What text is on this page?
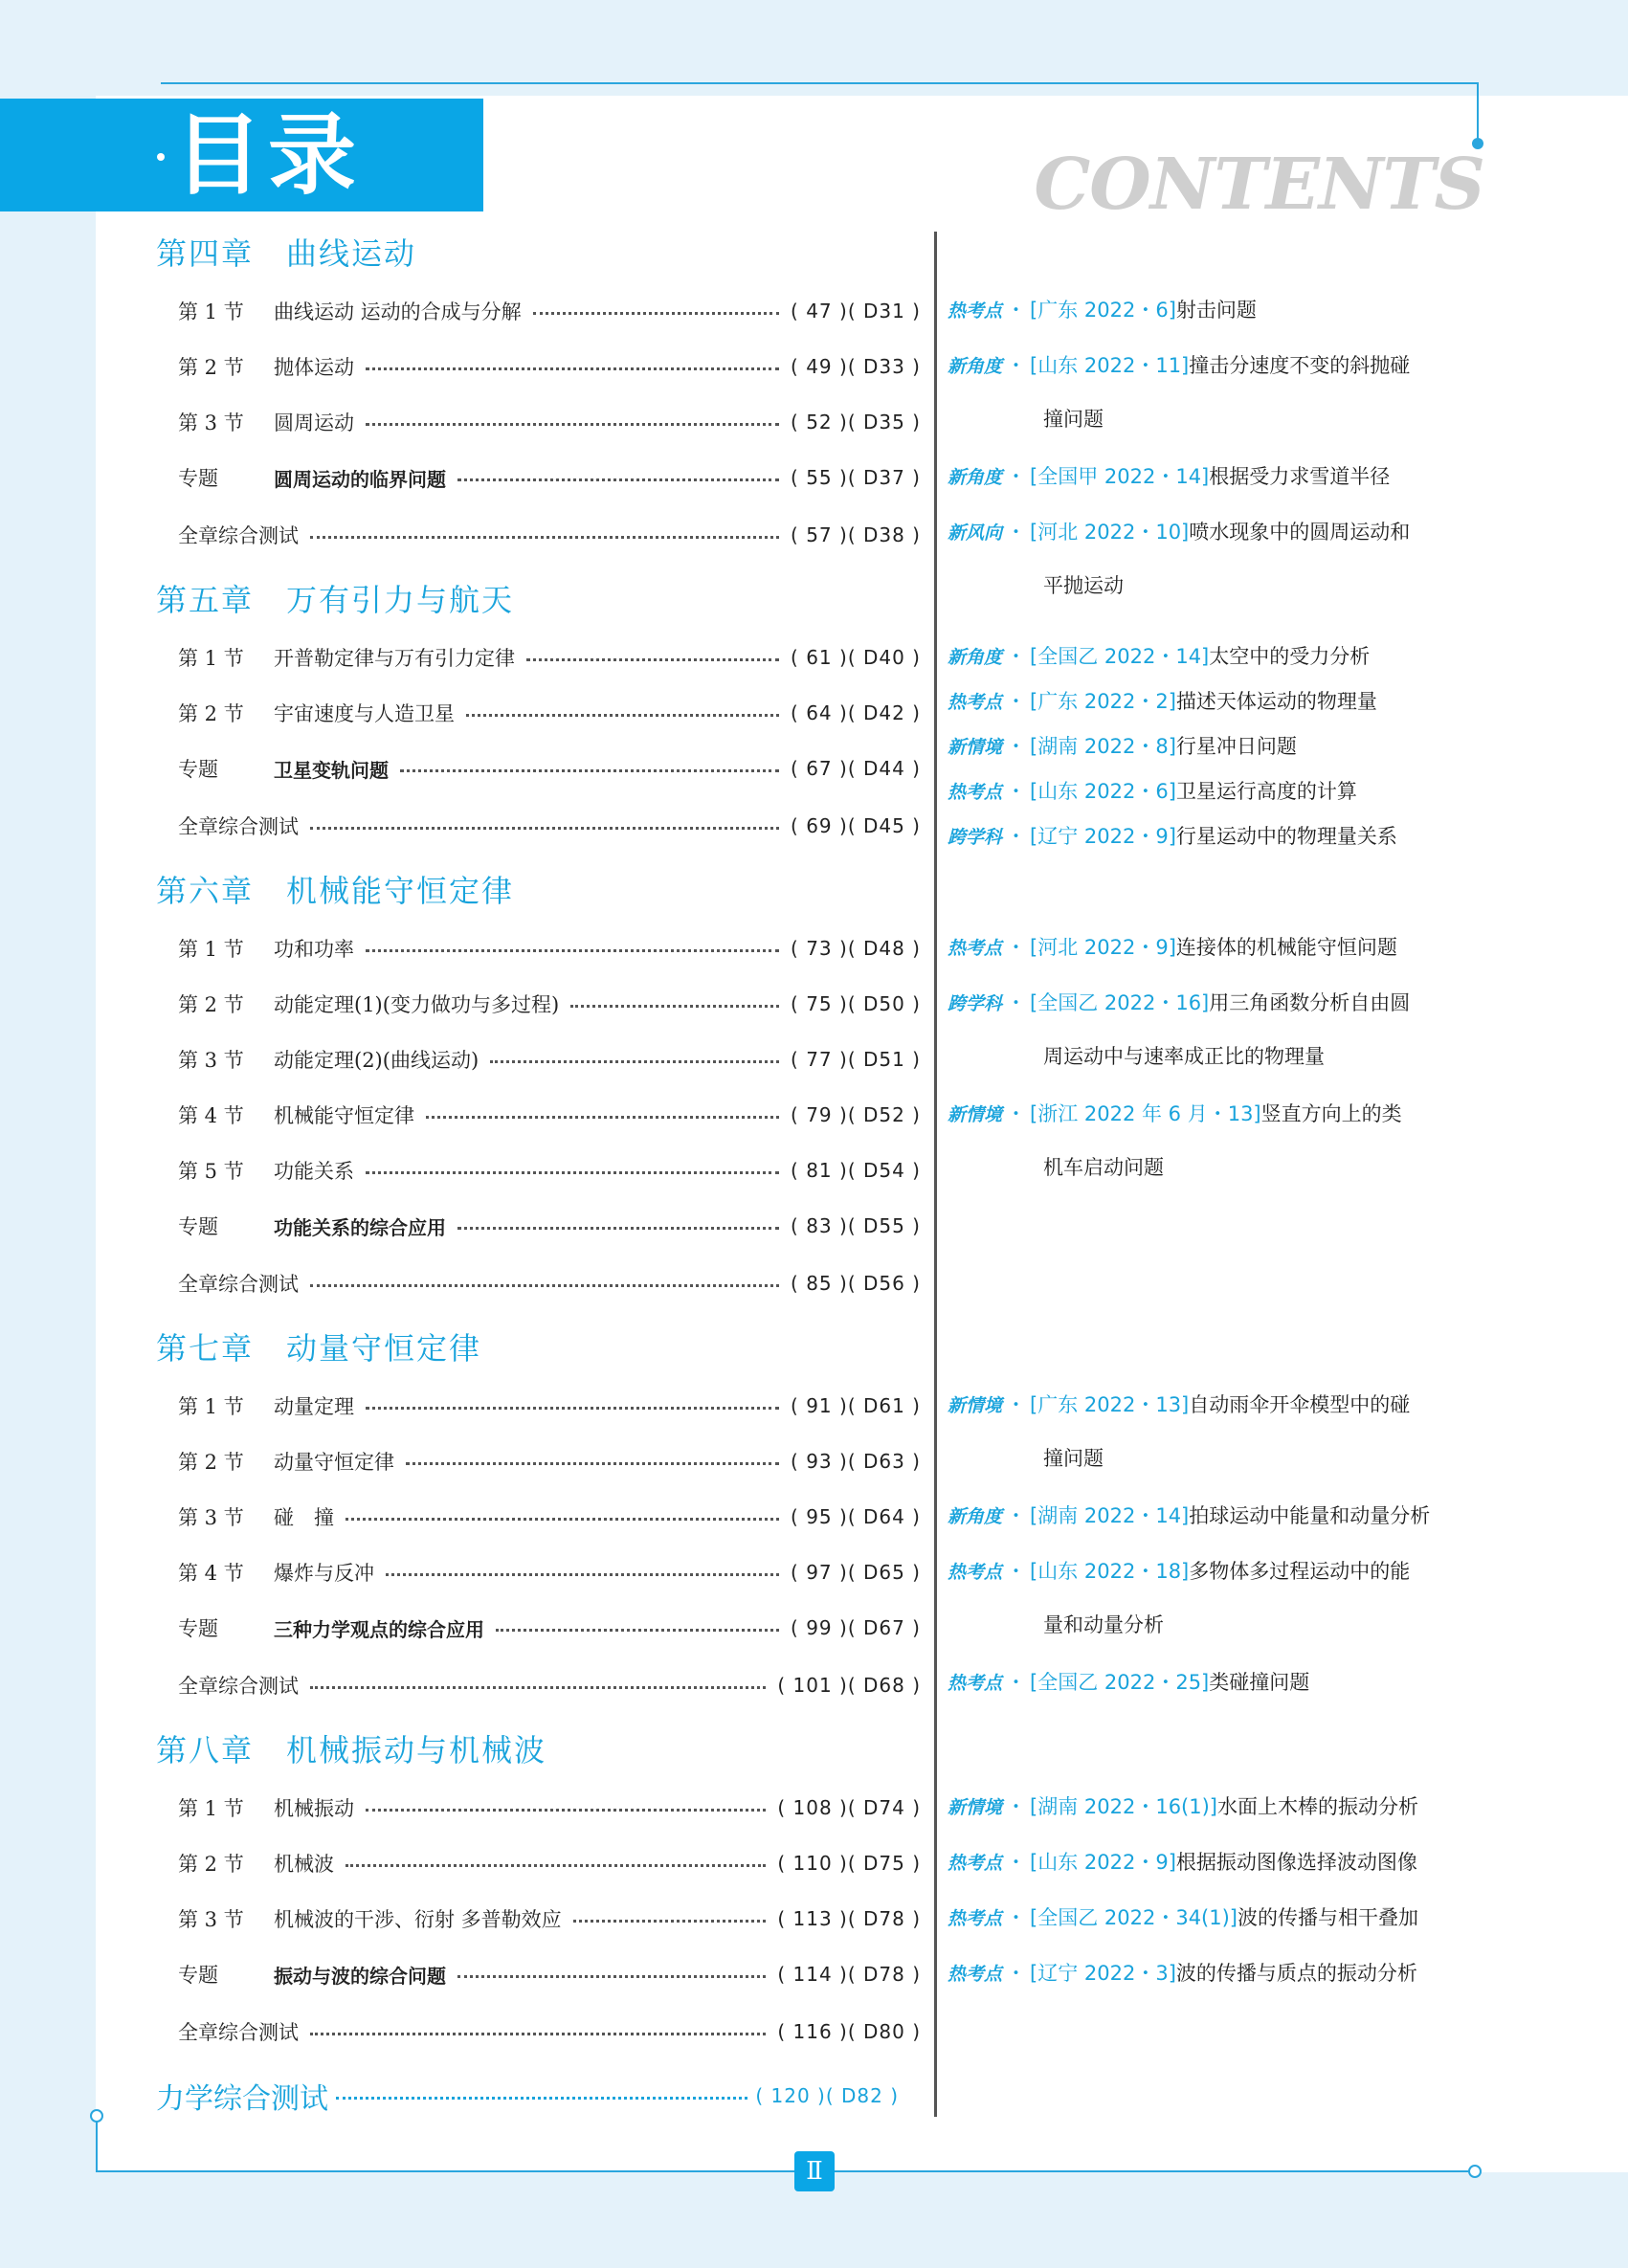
目录	CONTENTS
第四章 曲线运动
第 1 节	曲线运动 运动的合成与分解	( 47 )( D31 )
第 2 节	抛体运动	( 49 )( D33 )
第 3 节	圆周运动	( 52 )( D35 )
专题	圆周运动的临界问题	( 55 )( D37 )
全章综合测试	( 57 )( D38 )
第五章 万有引力与航天
第 1 节	开普勒定律与万有引力定律	( 61 )( D40 )
第 2 节	宇宙速度与人造卫星	( 64 )( D42 )
专题	卫星变轨问题	( 67 )( D44 )
全章综合测试	( 69 )( D45 )
第六章 机械能守恒定律
第 1 节	功和功率	( 73 )( D48 )
第 2 节	动能定理(1)(变力做功与多过程)	( 75 )( D50 )
第 3 节	动能定理(2)(曲线运动)	( 77 )( D51 )
第 4 节	机械能守恒定律	( 79 )( D52 )
第 5 节	功能关系	( 81 )( D54 )
专题	功能关系的综合应用	( 83 )( D55 )
全章综合测试	( 85 )( D56 )
第七章 动量守恒定律
第 1 节	动量定理	( 91 )( D61 )
第 2 节	动量守恒定律	( 93 )( D63 )
第 3 节	碰　撞	( 95 )( D64 )
第 4 节	爆炸与反冲	( 97 )( D65 )
专题	三种力学观点的综合应用	( 99 )( D67 )
全章综合测试	( 101 )( D68 )
第八章 机械振动与机械波
第 1 节	机械振动	( 108 )( D74 )
第 2 节	机械波	( 110 )( D75 )
第 3 节	机械波的干涉、衍射 多普勒效应	( 113 )( D78 )
专题	振动与波的综合问题	( 114 )( D78 )
全章综合测试	( 116 )( D80 )
力学综合测试	( 120 )( D82 )
热考点 ・ [广东 2022・6]射击问题
新角度 ・ [山东 2022・11]撞击分速度不变的斜抛碰
撞问题
新角度 ・ [全国甲 2022・14]根据受力求雪道半径
新风向 ・ [河北 2022・10]喷水现象中的圆周运动和
平抛运动
新角度 ・ [全国乙 2022・14]太空中的受力分析
热考点 ・ [广东 2022・2]描述天体运动的物理量
新情境 ・ [湖南 2022・8]行星冲日问题
热考点 ・ [山东 2022・6]卫星运行高度的计算
跨学科 ・ [辽宁 2022・9]行星运动中的物理量关系
热考点 ・ [河北 2022・9]连接体的机械能守恒问题
跨学科 ・ [全国乙 2022・16]用三角函数分析自由圆
周运动中与速率成正比的物理量
新情境 ・ [浙江 2022 年 6 月・13]竖直方向上的类
机车启动问题
新情境 ・ [广东 2022・13]自动雨伞开伞模型中的碰
撞问题
新角度 ・ [湖南 2022・14]拍球运动中能量和动量分析
热考点 ・ [山东 2022・18]多物体多过程运动中的能
量和动量分析
热考点 ・ [全国乙 2022・25]类碰撞问题
新情境 ・ [湖南 2022・16(1)]水面上木棒的振动分析
热考点 ・ [山东 2022・9]根据振动图像选择波动图像
热考点 ・ [全国乙 2022・34(1)]波的传播与相干叠加
热考点 ・ [辽宁 2022・3]波的传播与质点的振动分析
Ⅱ
